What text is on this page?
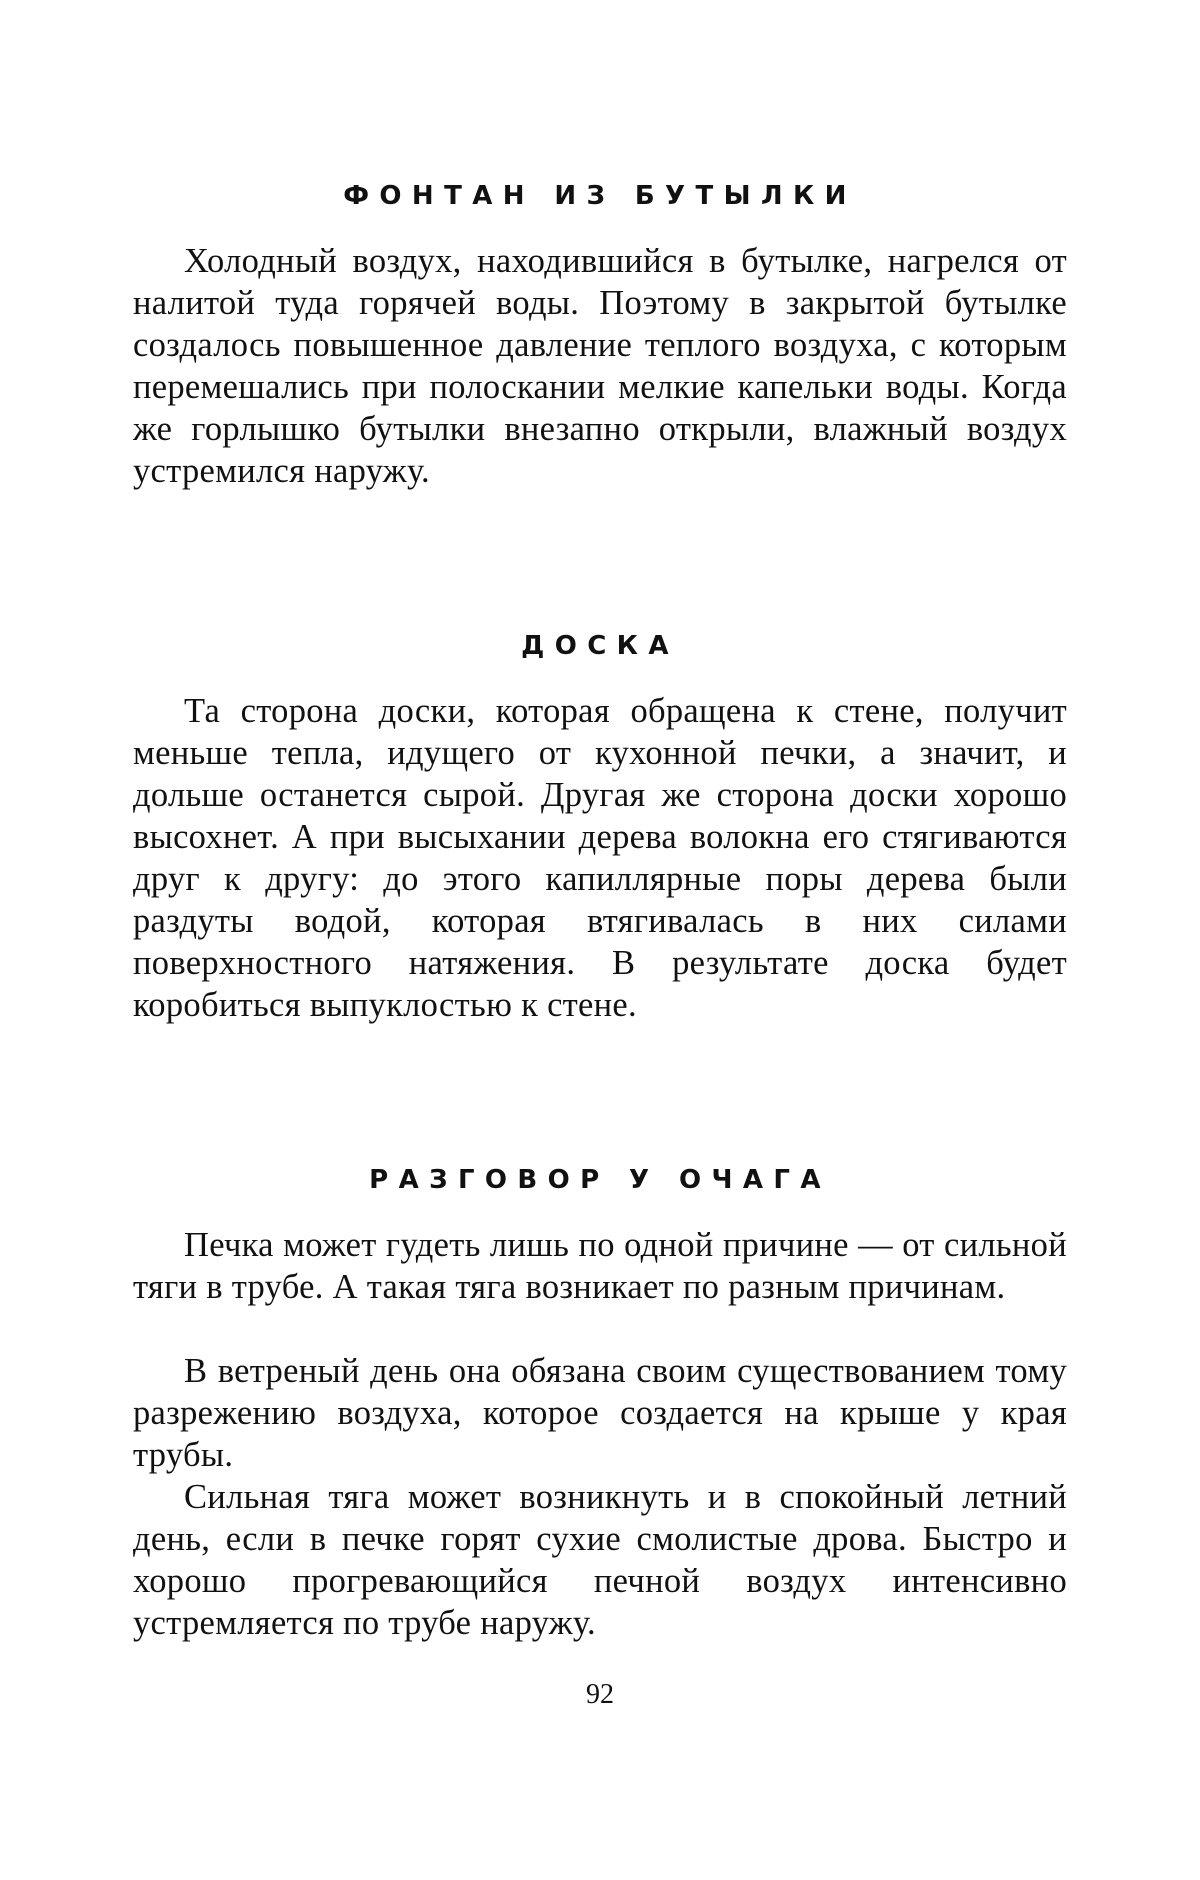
ФОНТАН ИЗ БУТЫЛКИ

Холодный воздух, находившийся в бутылке, нагрелся от налитой туда горячей воды. Поэтому в закрытой бутылке создалось повышенное давление теплого воздуха, с которым перемешались при полоскании мелкие капельки воды. Когда же горлышко бутылки внезапно открыли, влажный воздух устремился наружу.

ДОСКА

Та сторона доски, которая обращена к стене, получит меньше тепла, идущего от кухонной печки, а значит, и дольше останется сырой. Другая же сторона доски хорошо высохнет. А при высыхании дерева волокна его стягиваются друг к другу: до этого капиллярные поры дерева были раздуты водой, которая втягивалась в них силами поверхностного натяжения. В результате доска будет коробиться выпуклостью к стене.

РАЗГОВОР У ОЧАГА

Печка может гудеть лишь по одной причине — от сильной тяги в трубе. А такая тяга возникает по разным причинам.

В ветреный день она обязана своим существованием тому разрежению воздуха, которое создается на крыше у края трубы.

Сильная тяга может возникнуть и в спокойный летний день, если в печке горят сухие смолистые дрова. Быстро и хорошо прогревающийся печной воздух интенсивно устремляется по трубе наружу.

92
